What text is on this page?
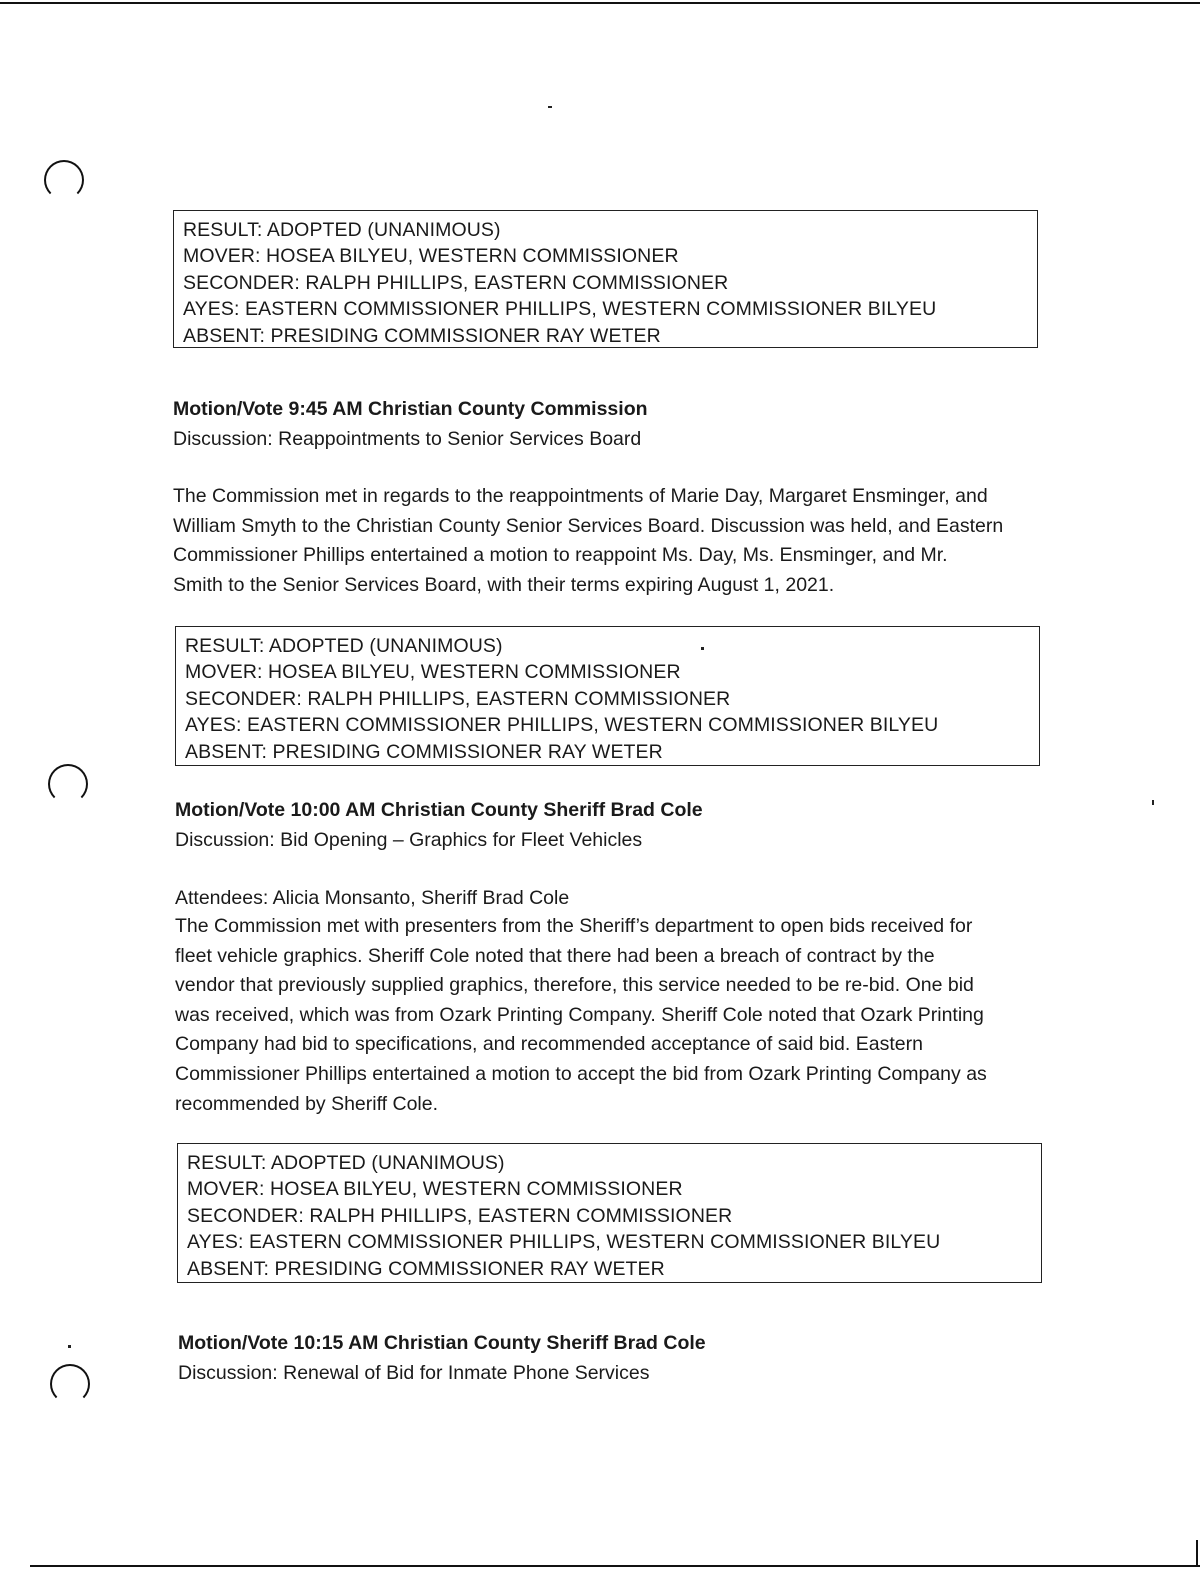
RESULT: ADOPTED (UNANIMOUS)
MOVER: HOSEA BILYEU, WESTERN COMMISSIONER
SECONDER: RALPH PHILLIPS, EASTERN COMMISSIONER
AYES: EASTERN COMMISSIONER PHILLIPS, WESTERN COMMISSIONER BILYEU
ABSENT: PRESIDING COMMISSIONER RAY WETER
Motion/Vote 9:45 AM Christian County Commission
Discussion: Reappointments to Senior Services Board
The Commission met in regards to the reappointments of Marie Day, Margaret Ensminger, and
William Smyth to the Christian County Senior Services Board. Discussion was held, and Eastern
Commissioner Phillips entertained a motion to reappoint Ms. Day, Ms. Ensminger, and Mr.
Smith to the Senior Services Board, with their terms expiring August 1, 2021.
RESULT: ADOPTED (UNANIMOUS)
MOVER: HOSEA BILYEU, WESTERN COMMISSIONER
SECONDER: RALPH PHILLIPS, EASTERN COMMISSIONER
AYES: EASTERN COMMISSIONER PHILLIPS, WESTERN COMMISSIONER BILYEU
ABSENT: PRESIDING COMMISSIONER RAY WETER
Motion/Vote 10:00 AM Christian County Sheriff Brad Cole
Discussion: Bid Opening – Graphics for Fleet Vehicles
Attendees: Alicia Monsanto, Sheriff Brad Cole
The Commission met with presenters from the Sheriff’s department to open bids received for
fleet vehicle graphics. Sheriff Cole noted that there had been a breach of contract by the
vendor that previously supplied graphics, therefore, this service needed to be re-bid. One bid
was received, which was from Ozark Printing Company. Sheriff Cole noted that Ozark Printing
Company had bid to specifications, and recommended acceptance of said bid. Eastern
Commissioner Phillips entertained a motion to accept the bid from Ozark Printing Company as
recommended by Sheriff Cole.
RESULT: ADOPTED (UNANIMOUS)
MOVER: HOSEA BILYEU, WESTERN COMMISSIONER
SECONDER: RALPH PHILLIPS, EASTERN COMMISSIONER
AYES: EASTERN COMMISSIONER PHILLIPS, WESTERN COMMISSIONER BILYEU
ABSENT: PRESIDING COMMISSIONER RAY WETER
Motion/Vote 10:15 AM Christian County Sheriff Brad Cole
Discussion: Renewal of Bid for Inmate Phone Services
